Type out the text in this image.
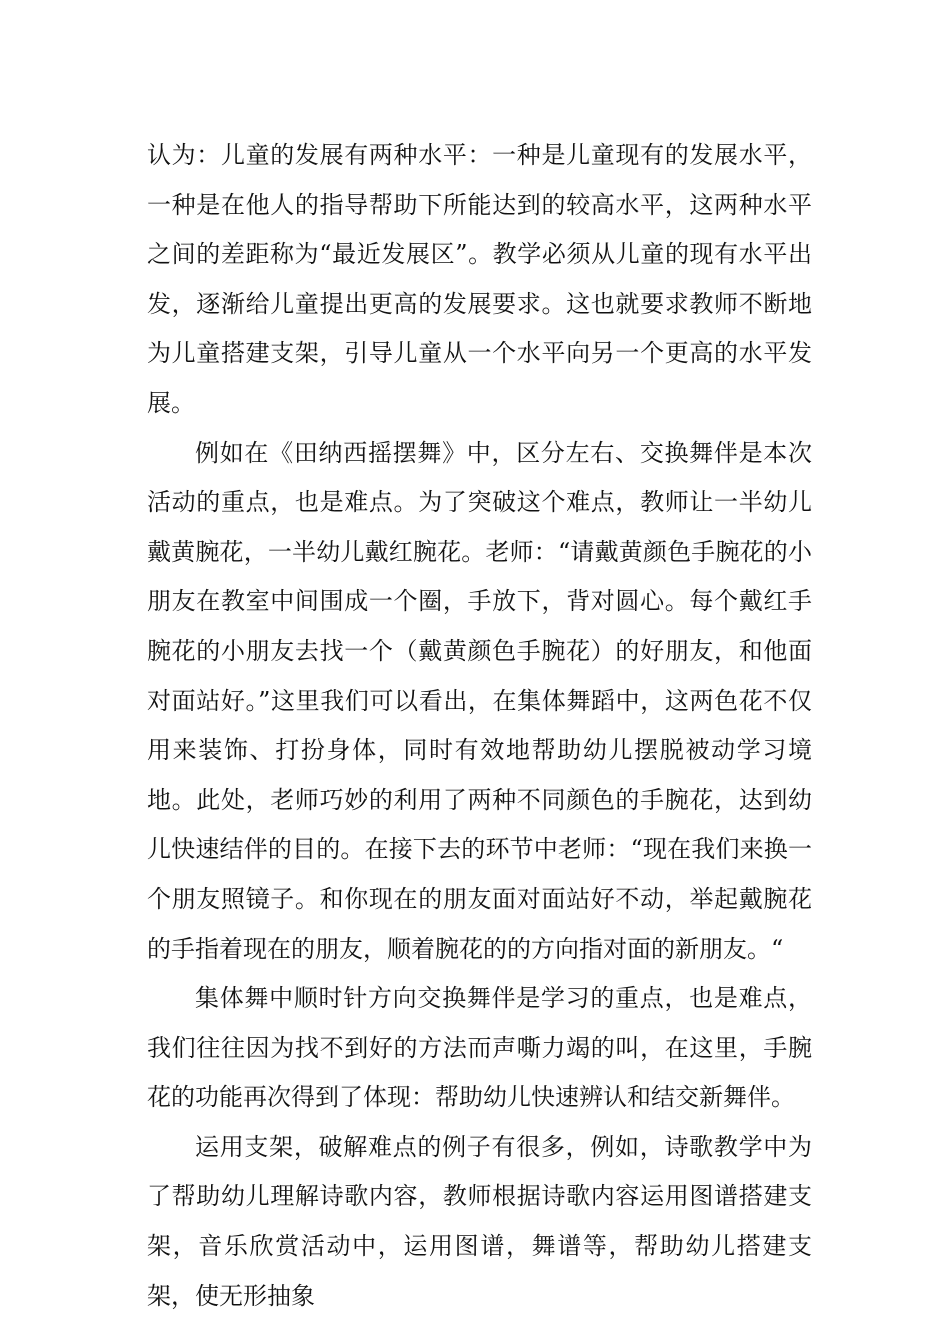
认为：儿童的发展有两种水平：一种是儿童现有的发展水平，一种是在他人的指导帮助下所能达到的较高水平，这两种水平之间的差距称为“最近发展区”。教学必须从儿童的现有水平出发，逐渐给儿童提出更高的发展要求。这也就要求教师不断地为儿童搭建支架，引导儿童从一个水平向另一个更高的水平发展。

例如在《田纳西摇摆舞》中，区分左右、交换舞伴是本次活动的重点，也是难点。为了突破这个难点，教师让一半幼儿戴黄腕花，一半幼儿戴红腕花。老师：“请戴黄颜色手腕花的小朋友在教室中间围成一个圈，手放下，背对圆心。每个戴红手腕花的小朋友去找一个（戴黄颜色手腕花）的好朋友，和他面对面站好。”这里我们可以看出，在集体舞蹈中，这两色花不仅用来装饰、打扮身体，同时有效地帮助幼儿摆脱被动学习境地。此处，老师巧妙的利用了两种不同颜色的手腕花，达到幼儿快速结伴的目的。在接下去的环节中老师：“现在我们来换一个朋友照镜子。和你现在的朋友面对面站好不动，举起戴腕花的手指着现在的朋友，顺着腕花的的方向指对面的新朋友。“

集体舞中顺时针方向交换舞伴是学习的重点，也是难点，我们往往因为找不到好的方法而声嘶力竭的叫，在这里，手腕花的功能再次得到了体现：帮助幼儿快速辨认和结交新舞伴。

运用支架，破解难点的例子有很多，例如，诗歌教学中为了帮助幼儿理解诗歌内容，教师根据诗歌内容运用图谱搭建支架，音乐欣赏活动中，运用图谱，舞谱等，帮助幼儿搭建支架，使无形抽象
